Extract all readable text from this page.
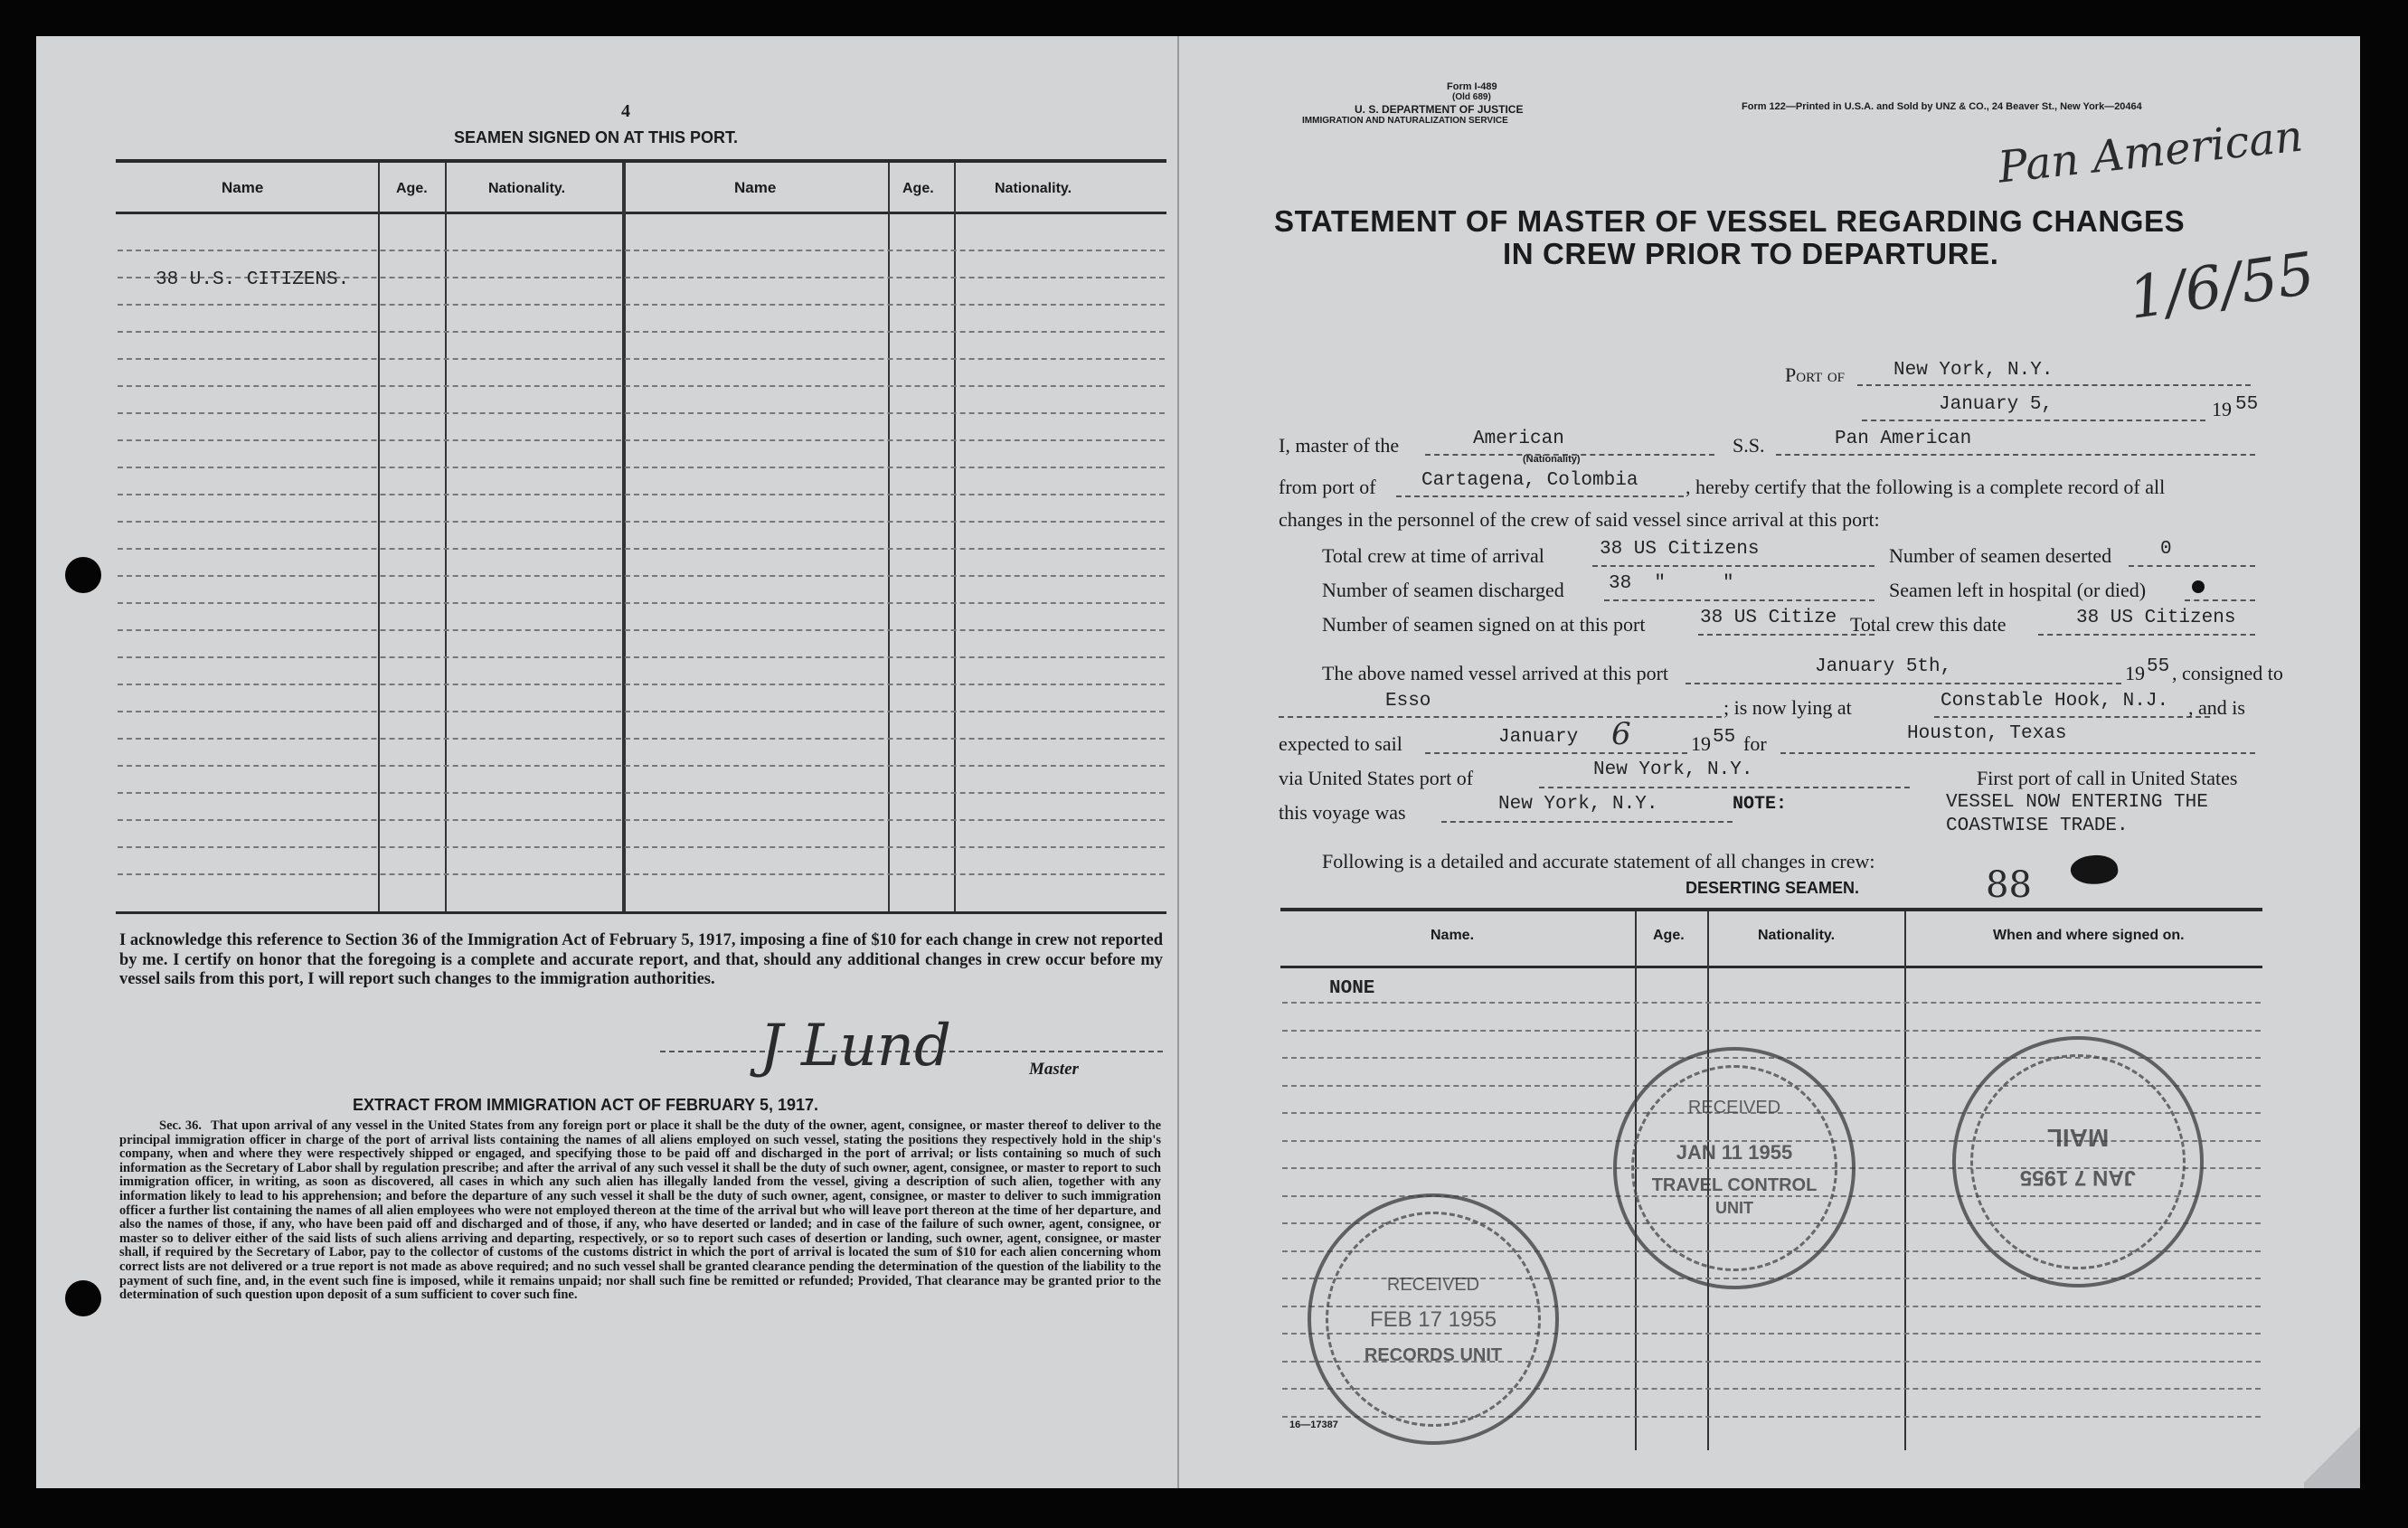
4
SEAMEN SIGNED ON AT THIS PORT.
Name	Age.	Nationality.	Name	Age.	Nationality.
38 U.S. CITIZENS.
I acknowledge this reference to Section 36 of the Immigration Act of February 5, 1917, imposing a fine of $10 for each change in crew not reported by me. I certify on honor that the foregoing is a complete and accurate report, and that, should any additional changes in crew occur before my vessel sails from this port, I will report such changes to the immigration authorities.
J Lund	Master
EXTRACT FROM IMMIGRATION ACT OF FEBRUARY 5, 1917.
Sec. 36. That upon arrival of any vessel in the United States from any foreign port or place it shall be the duty of the owner, agent, consignee, or master thereof to deliver to the principal immigration officer in charge of the port of arrival lists containing the names of all aliens employed on such vessel, stating the positions they respectively hold in the ship's company, when and where they were respectively shipped or engaged, and specifying those to be paid off and discharged in the port of arrival; or lists containing so much of such information as the Secretary of Labor shall by regulation prescribe; and after the arrival of any such vessel it shall be the duty of such owner, agent, consignee, or master to report to such immigration officer, in writing, as soon as discovered, all cases in which any such alien has illegally landed from the vessel, giving a description of such alien, together with any information likely to lead to his apprehension; and before the departure of any such vessel it shall be the duty of such owner, agent, consignee, or master to deliver to such immigration officer a further list containing the names of all alien employees who were not employed thereon at the time of the arrival but who will leave port thereon at the time of her departure, and also the names of those, if any, who have been paid off and discharged and of those, if any, who have deserted or landed; and in case of the failure of such owner, agent, consignee, or master so to deliver either of the said lists of such aliens arriving and departing, respectively, or so to report such cases of desertion or landing, such owner, agent, consignee, or master shall, if required by the Secretary of Labor, pay to the collector of customs of the customs district in which the port of arrival is located the sum of $10 for each alien concerning whom correct lists are not delivered or a true report is not made as above required; and no such vessel shall be granted clearance pending the determination of the question of the liability to the payment of such fine, and, in the event such fine is imposed, while it remains unpaid; nor shall such fine be remitted or refunded; Provided, That clearance may be granted prior to the determination of such question upon deposit of a sum sufficient to cover such fine.
Form I-489
(Old 689)
U. S. DEPARTMENT OF JUSTICE
IMMIGRATION AND NATURALIZATION SERVICE
Form 122—Printed in U.S.A. and Sold by UNZ & CO., 24 Beaver St., New York—20464
Pan American
1/6/55
STATEMENT OF MASTER OF VESSEL REGARDING CHANGES
IN CREW PRIOR TO DEPARTURE.
Port of	New York, N.Y.
January 5,	19 55
I, master of the	American
(Nationality)
S.S.	Pan American
from port of Cartagena, Colombia , hereby certify that the following is a complete record of all
changes in the personnel of the crew of said vessel since arrival at this port:
Total crew at time of arrival	38 US Citizens	Number of seamen deserted	0
Number of seamen discharged 38  "     "	Seamen left in hospital (or died)
Number of seamen signed on at this port	38 US Citize Total crew this date	38 US Citizens
The above named vessel arrived at this port	January 5th,	19 55 , consigned to
Esso	; is now lying at	Constable Hook, N.J. , and is
expected to sail	January 6	19 55 for	Houston, Texas
via United States port of	New York, N.Y.	First port of call in United States
this voyage was	New York, N.Y.	NOTE:	VESSEL NOW ENTERING THE
COASTWISE TRADE.
Following is a detailed and accurate statement of all changes in crew:
DESERTING SEAMEN.	88
Name.	Age.	Nationality.	When and where signed on.
NONE
RECEIVED
JAN 11 1955
TRAVEL CONTROL
UNIT
RECEIVED
FEB 17 1955
RECORDS UNIT
JAN 7 1955
MAIL
16—17387
